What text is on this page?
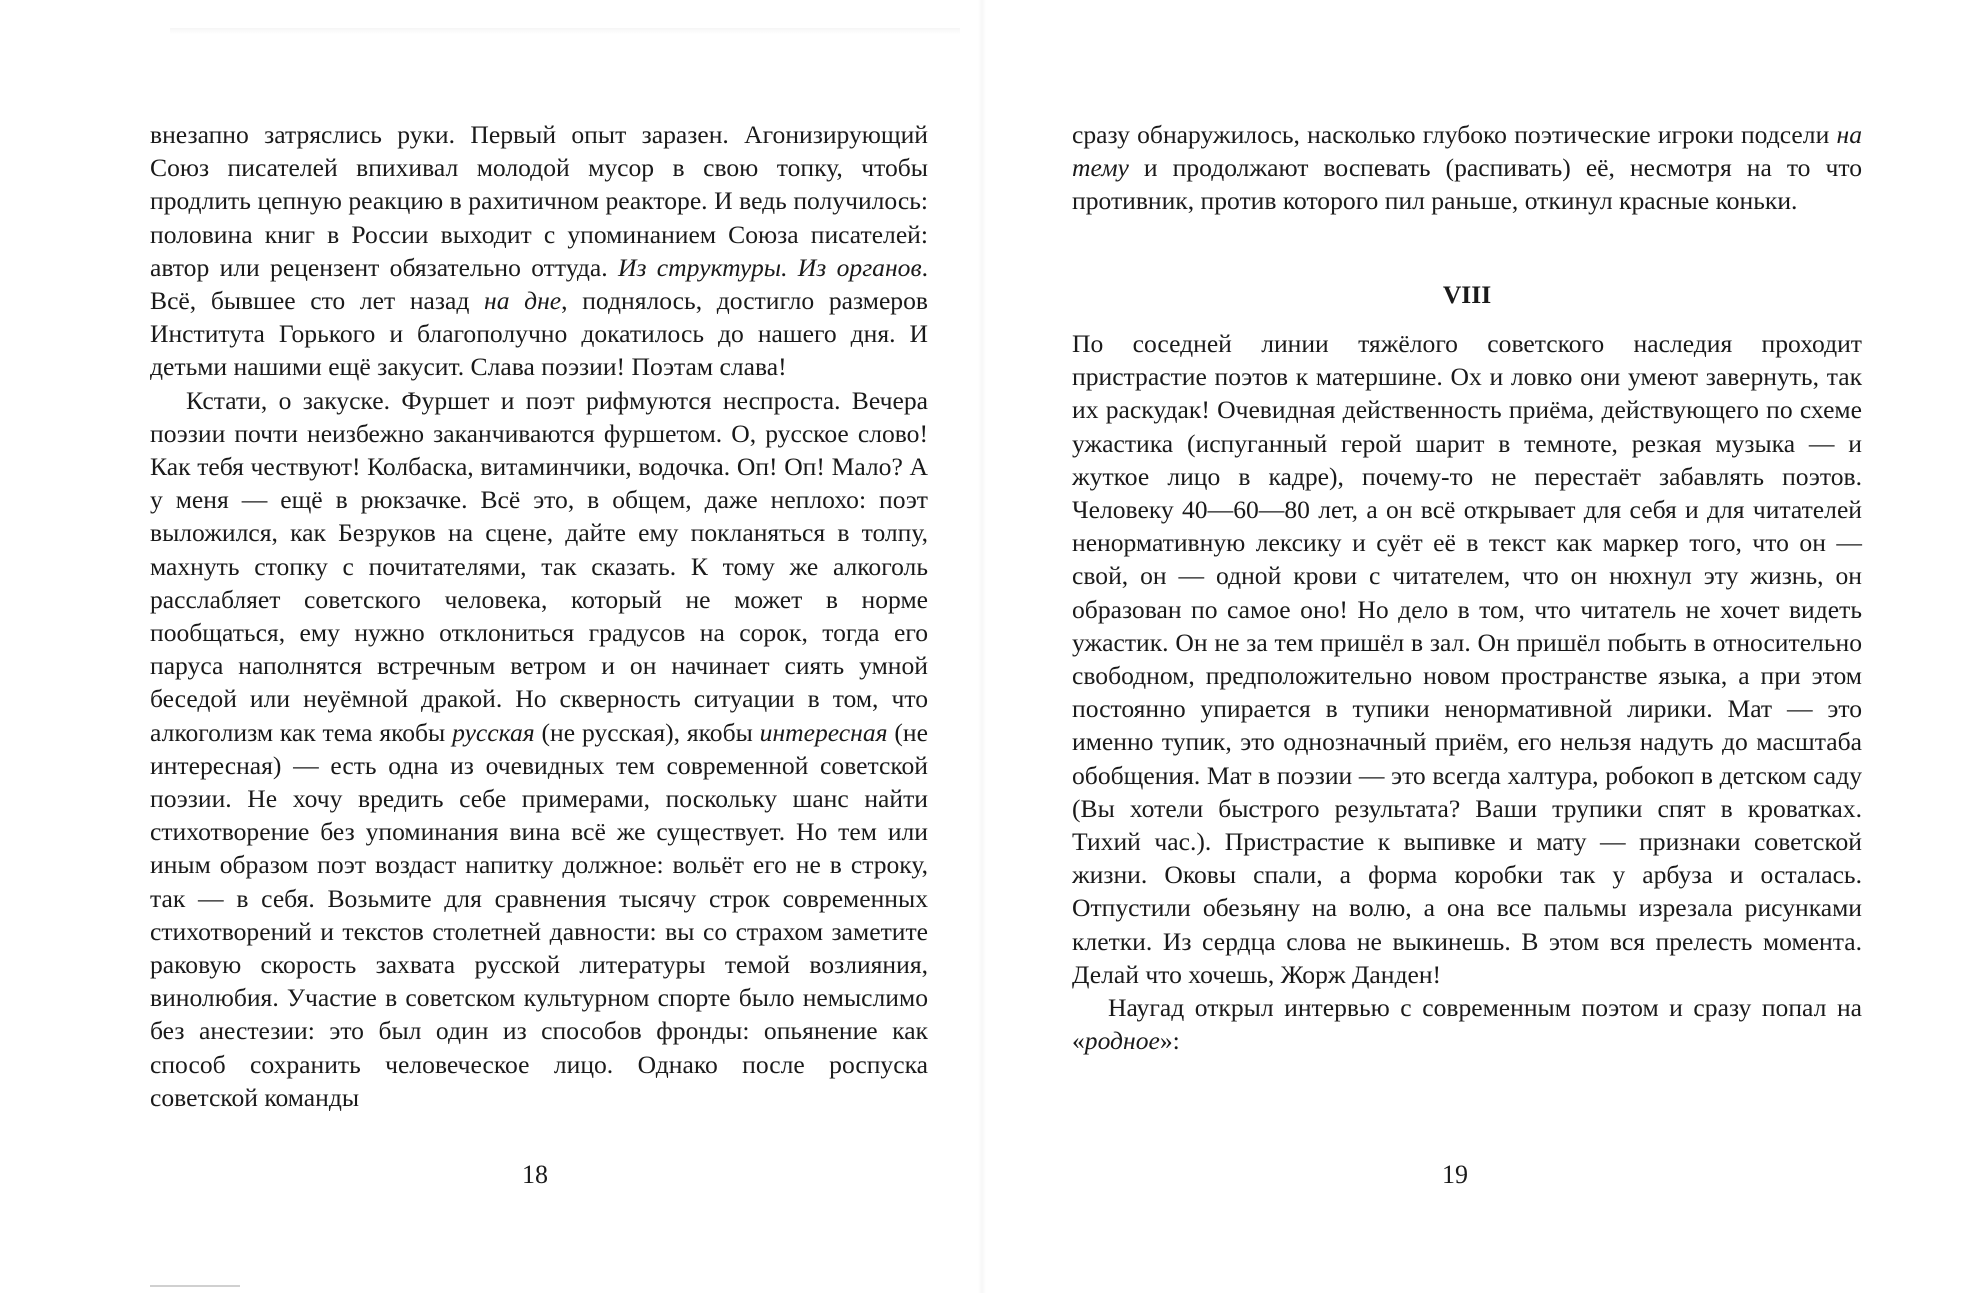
внезапно затряслись руки. Первый опыт заразен. Агонизирующий Союз писателей впихивал молодой мусор в свою топку, чтобы продлить цепную реакцию в рахитичном реакторе. И ведь получилось: половина книг в России выходит с упоминанием Союза писателей: автор или рецензент обязательно оттуда. Из структуры. Из органов. Всё, бывшее сто лет назад на дне, поднялось, достигло размеров Института Горького и благополучно докатилось до нашего дня. И детьми нашими ещё закусит. Слава поэзии! Поэтам слава!

Кстати, о закуске. Фуршет и поэт рифмуются неспроста. Вечера поэзии почти неизбежно заканчиваются фуршетом. О, русское слово! Как тебя чествуют! Колбаска, витаминчики, водочка. Оп! Оп! Мало? А у меня — ещё в рюкзачке. Всё это, в общем, даже неплохо: поэт выложился, как Безруков на сцене, дайте ему покланяться в толпу, махнуть стопку с почитателями, так сказать. К тому же алкоголь расслабляет советского человека, который не может в норме пообщаться, ему нужно отклониться градусов на сорок, тогда его паруса наполнятся встречным ветром и он начинает сиять умной беседой или неуёмной дракой. Но скверность ситуации в том, что алкоголизм как тема якобы русская (не русская), якобы интересная (не интересная) — есть одна из очевидных тем современной советской поэзии. Не хочу вредить себе примерами, поскольку шанс найти стихотворение без упоминания вина всё же существует. Но тем или иным образом поэт воздаст напитку должное: вольёт его не в строку, так — в себя. Возьмите для сравнения тысячу строк современных стихотворений и текстов столетней давности: вы со страхом заметите раковую скорость захвата русской литературы темой возлияния, винолюбия. Участие в советском культурном спорте было немыслимо без анестезии: это был один из способов фронды: опьянение как способ сохранить человеческое лицо. Однако после роспуска советской команды

18

сразу обнаружилось, насколько глубоко поэтические игроки подсели на тему и продолжают воспевать (распивать) её, несмотря на то что противник, против которого пил раньше, откинул красные коньки.

VIII

По соседней линии тяжёлого советского наследия проходит пристрастие поэтов к матершине. Ох и ловко они умеют завернуть, так их раскудак! Очевидная действенность приёма, действующего по схеме ужастика (испуганный герой шарит в темноте, резкая музыка — и жуткое лицо в кадре), почему-то не перестаёт забавлять поэтов. Человеку 40—60—80 лет, а он всё открывает для себя и для читателей ненормативную лексику и суёт её в текст как маркер того, что он — свой, он — одной крови с читателем, что он нюхнул эту жизнь, он образован по самое оно! Но дело в том, что читатель не хочет видеть ужастик. Он не за тем пришёл в зал. Он пришёл побыть в относительно свободном, предположительно новом пространстве языка, а при этом постоянно упирается в тупики ненормативной лирики. Мат — это именно тупик, это однозначный приём, его нельзя надуть до масштаба обобщения. Мат в поэзии — это всегда халтура, робокоп в детском саду (Вы хотели быстрого результата? Ваши трупики спят в кроватках. Тихий час.). Пристрастие к выпивке и мату — признаки советской жизни. Оковы спали, а форма коробки так у арбуза и осталась. Отпустили обезьяну на волю, а она все пальмы изрезала рисунками клетки. Из сердца слова не выкинешь. В этом вся прелесть момента. Делай что хочешь, Жорж Данден!

Наугад открыл интервью с современным поэтом и сразу попал на «родное»:

19
